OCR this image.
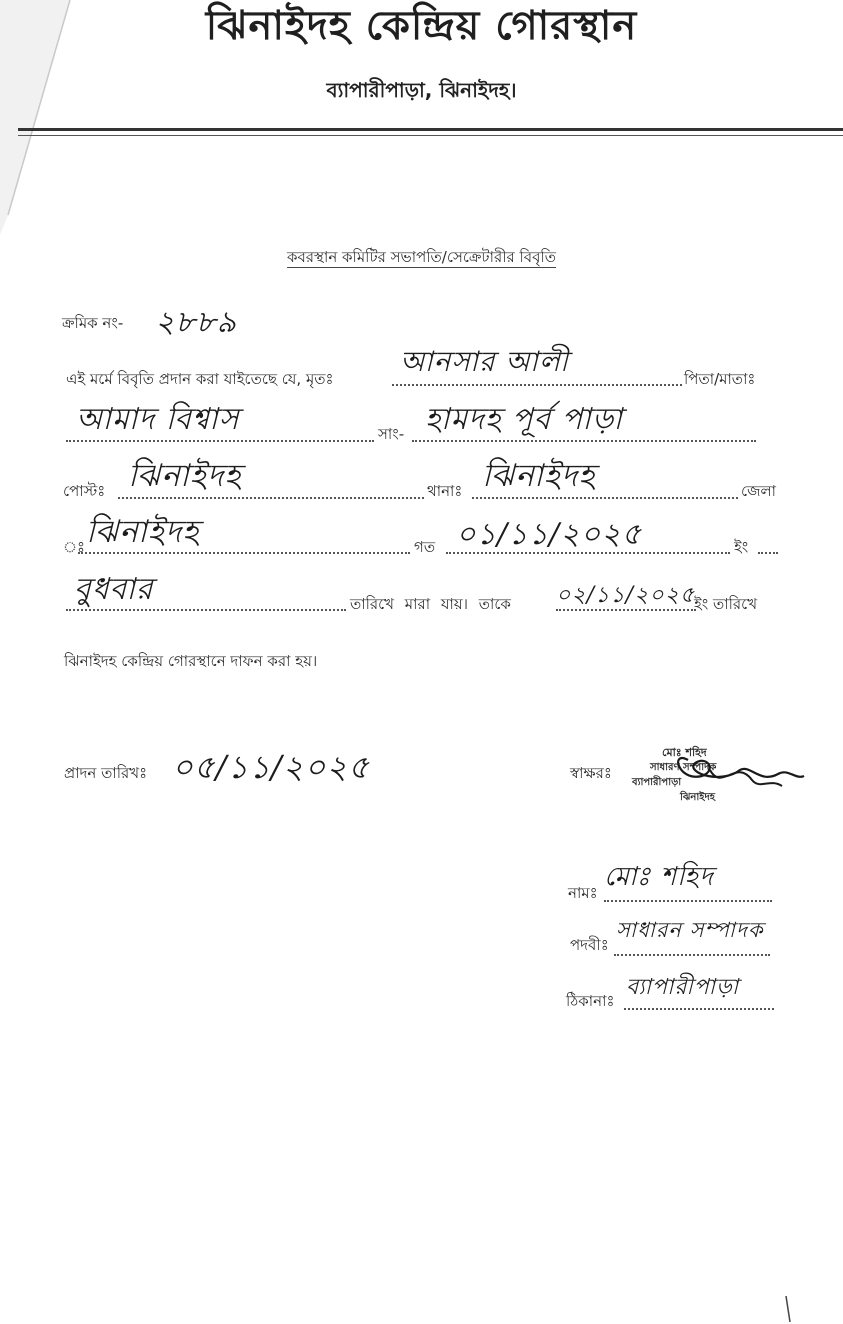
ঝিনাইদহ কেন্দ্রিয় গোরস্থান
ব্যাপারীপাড়া, ঝিনাইদহ।
কবরস্থান কমিটির সভাপতি/সেক্রেটারীর বিবৃতি
ক্রমিক নং- ২৮৮৯
এই মর্মে বিবৃতি প্রদান করা যাইতেছে যে, মৃতঃ
আনসার আলী
পিতা/মাতাঃ
আমাদ বিশ্বাস	সাং- হামদহ পূর্ব পাড়া
পোস্টঃ ঝিনাইদহ	থানাঃ ঝিনাইদহ	জেলা
ঃ ঝিনাইদহ	গত ০১/১১/২০২৫	ইং
বুধবার	তারিখে মারা যায়। তাকে ০২/১১/২০২৫
ইং তারিখে
ঝিনাইদহ কেন্দ্রিয় গোরস্থানে দাফন করা হয়।
প্রাদন তারিখঃ ০৫/১১/২০২৫	স্বাক্ষরঃ
মোঃ শহিদ
সাধারণ সম্পাদক
ব্যাপারীপাড়া
ঝিনাইদহ
নামঃ
মোঃ শহিদ
পদবীঃ
সাধারন সম্পাদক
ঠিকানাঃ
ব্যাপারীপাড়া
